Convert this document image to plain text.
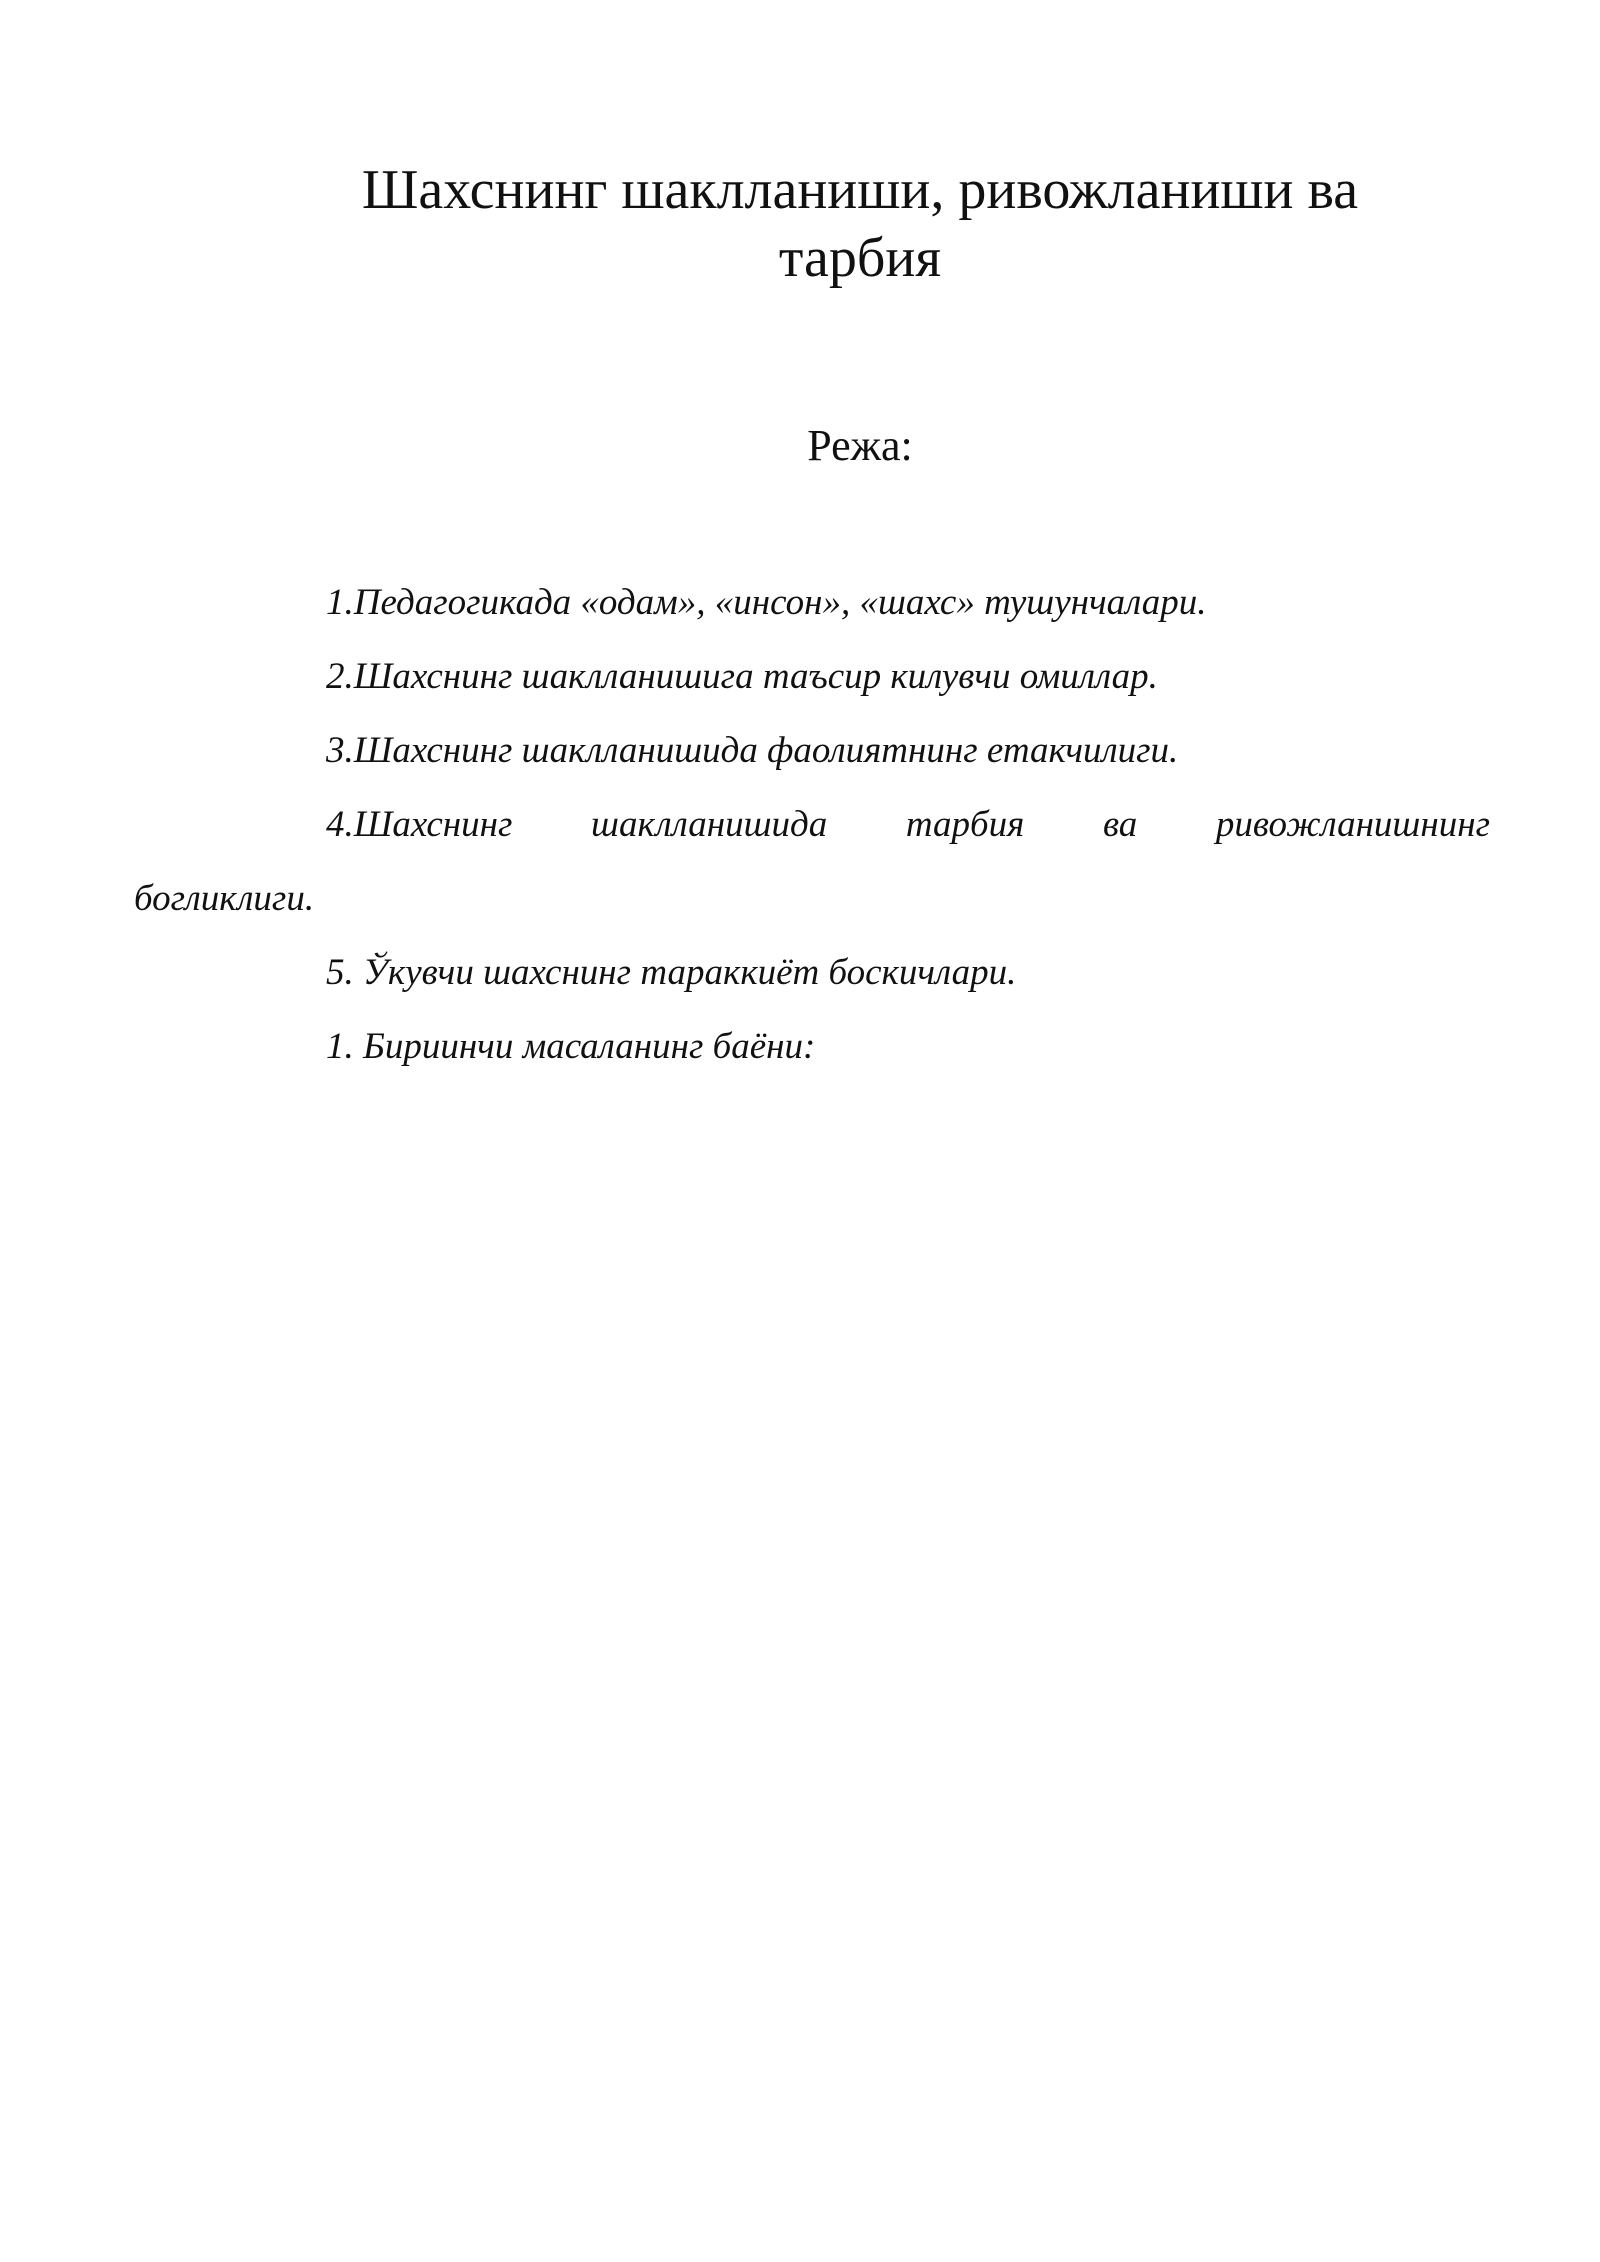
Шахснинг шаклланиши, ривожланиши ва
тарбия
Режа:
1.Педагогикада «одам», «инсон», «шахс» тушунчалари.
2.Шахснинг шаклланишига таъсир килувчи омиллар.
3.Шахснинг шаклланишида фаолиятнинг етакчилиги.
4.Шахснинг шаклланишида тарбия ва ривожланишнинг
богликлиги.
5. Ўкувчи шахснинг тараккиёт боскичлари.
1. Бириинчи масаланинг баёни:
